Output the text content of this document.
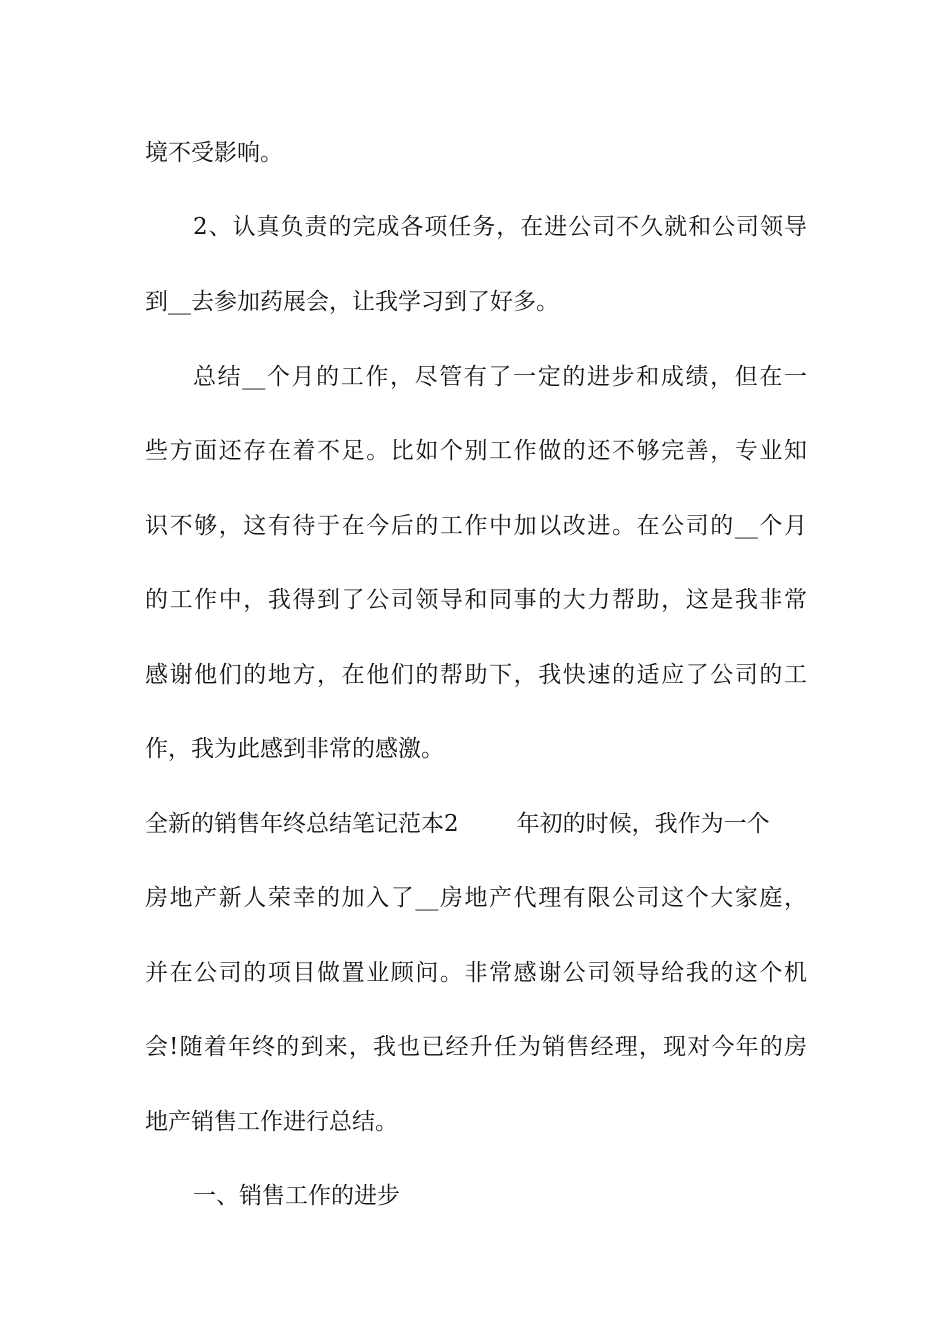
境不受影响。
2、认真负责的完成各项任务，在进公司不久就和公司领导
到__去参加药展会，让我学习到了好多。
总结__个月的工作，尽管有了一定的进步和成绩，但在一
些方面还存在着不足。比如个别工作做的还不够完善，专业知
识不够，这有待于在今后的工作中加以改进。在公司的__个月
的工作中，我得到了公司领导和同事的大力帮助，这是我非常
感谢他们的地方，在他们的帮助下，我快速的适应了公司的工
作，我为此感到非常的感激。
全新的销售年终总结笔记范本2	年初的时候，我作为一个
房地产新人荣幸的加入了__房地产代理有限公司这个大家庭，
并在公司的项目做置业顾问。非常感谢公司领导给我的这个机
会!随着年终的到来，我也已经升任为销售经理，现对今年的房
地产销售工作进行总结。
一、销售工作的进步
